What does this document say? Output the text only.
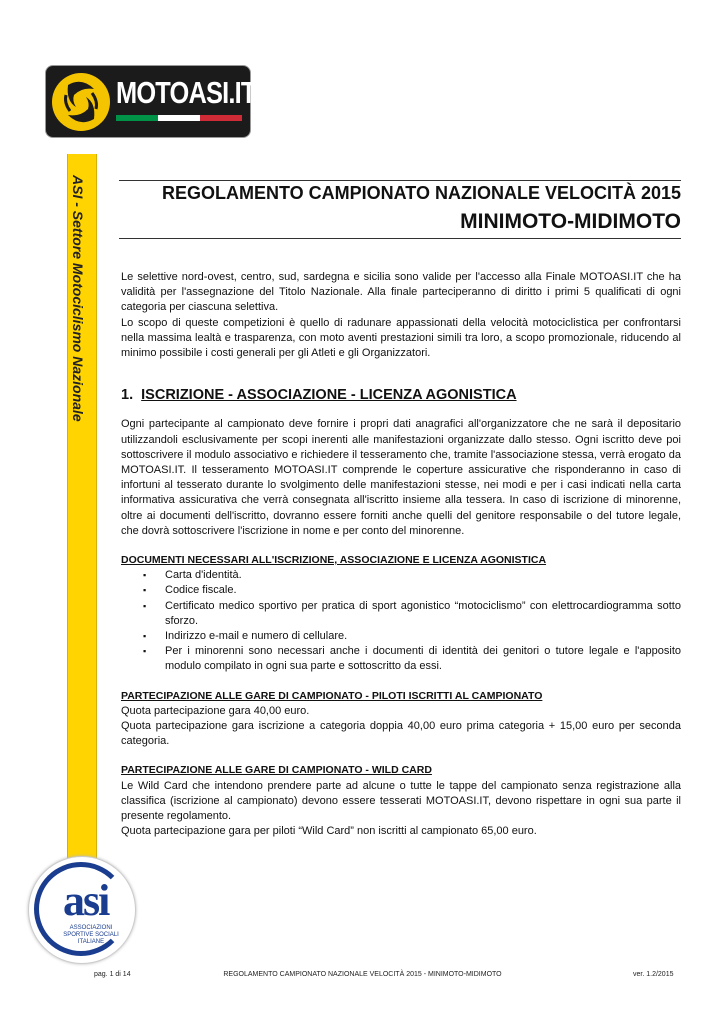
MOTOASI.IT
ASI - Settore Motociclismo Nazionale
asi
ASSOCIAZIONI
SPORTIVE SOCIALI
ITALIANE
REGOLAMENTO CAMPIONATO NAZIONALE VELOCITÀ 2015
MINIMOTO-MIDIMOTO

Le selettive nord-ovest, centro, sud, sardegna e sicilia sono valide per l'accesso alla Finale MOTOASI.IT che ha validità per l'assegnazione del Titolo Nazionale. Alla finale parteciperanno di diritto i primi 5 qualificati di ogni categoria per ciascuna selettiva.

Lo scopo di queste competizioni è quello di radunare appassionati della velocità motociclistica per confrontarsi nella massima lealtà e trasparenza, con moto aventi prestazioni simili tra loro, a scopo promozionale, riducendo al minimo possibile i costi generali per gli Atleti e gli Organizzatori.

1. ISCRIZIONE - ASSOCIAZIONE - LICENZA AGONISTICA

Ogni partecipante al campionato deve fornire i propri dati anagrafici all'organizzatore che ne sarà il depositario utilizzandoli esclusivamente per scopi inerenti alle manifestazioni organizzate dallo stesso. Ogni iscritto deve poi sottoscrivere il modulo associativo e richiedere il tesseramento che, tramite l'associazione stessa, verrà erogato da MOTOASI.IT. Il tesseramento MOTOASI.IT comprende le coperture assicurative che risponderanno in caso di infortuni al tesserato durante lo svolgimento delle manifestazioni stesse, nei modi e per i casi indicati nella carta informativa assicurativa che verrà consegnata all'iscritto insieme alla tessera. In caso di iscrizione di minorenne, oltre ai documenti dell'iscritto, dovranno essere forniti anche quelli del genitore responsabile o del tutore legale, che dovrà sottoscrivere l'iscrizione in nome e per conto del minorenne.

DOCUMENTI NECESSARI ALL'ISCRIZIONE, ASSOCIAZIONE E LICENZA AGONISTICA

▪ Carta d'identità.
▪ Codice fiscale.
▪ Certificato medico sportivo per pratica di sport agonistico “motociclismo” con elettrocardiogramma sotto sforzo.
▪ Indirizzo e-mail e numero di cellulare.
▪ Per i minorenni sono necessari anche i documenti di identità dei genitori o tutore legale e l'apposito modulo compilato in ogni sua parte e sottoscritto da essi.

PARTECIPAZIONE ALLE GARE DI CAMPIONATO - PILOTI ISCRITTI AL CAMPIONATO

Quota partecipazione gara 40,00 euro.

Quota partecipazione gara iscrizione a categoria doppia 40,00 euro prima categoria + 15,00 euro per seconda categoria.

PARTECIPAZIONE ALLE GARE DI CAMPIONATO - WILD CARD

Le Wild Card che intendono prendere parte ad alcune o tutte le tappe del campionato senza registrazione alla classifica (iscrizione al campionato) devono essere tesserati MOTOASI.IT, devono rispettare in ogni sua parte il presente regolamento.

Quota partecipazione gara per piloti “Wild Card” non iscritti al campionato 65,00 euro.

pag. 1 di 14	REGOLAMENTO CAMPIONATO NAZIONALE VELOCITÀ 2015 - MINIMOTO-MIDIMOTO	ver. 1.2/2015
